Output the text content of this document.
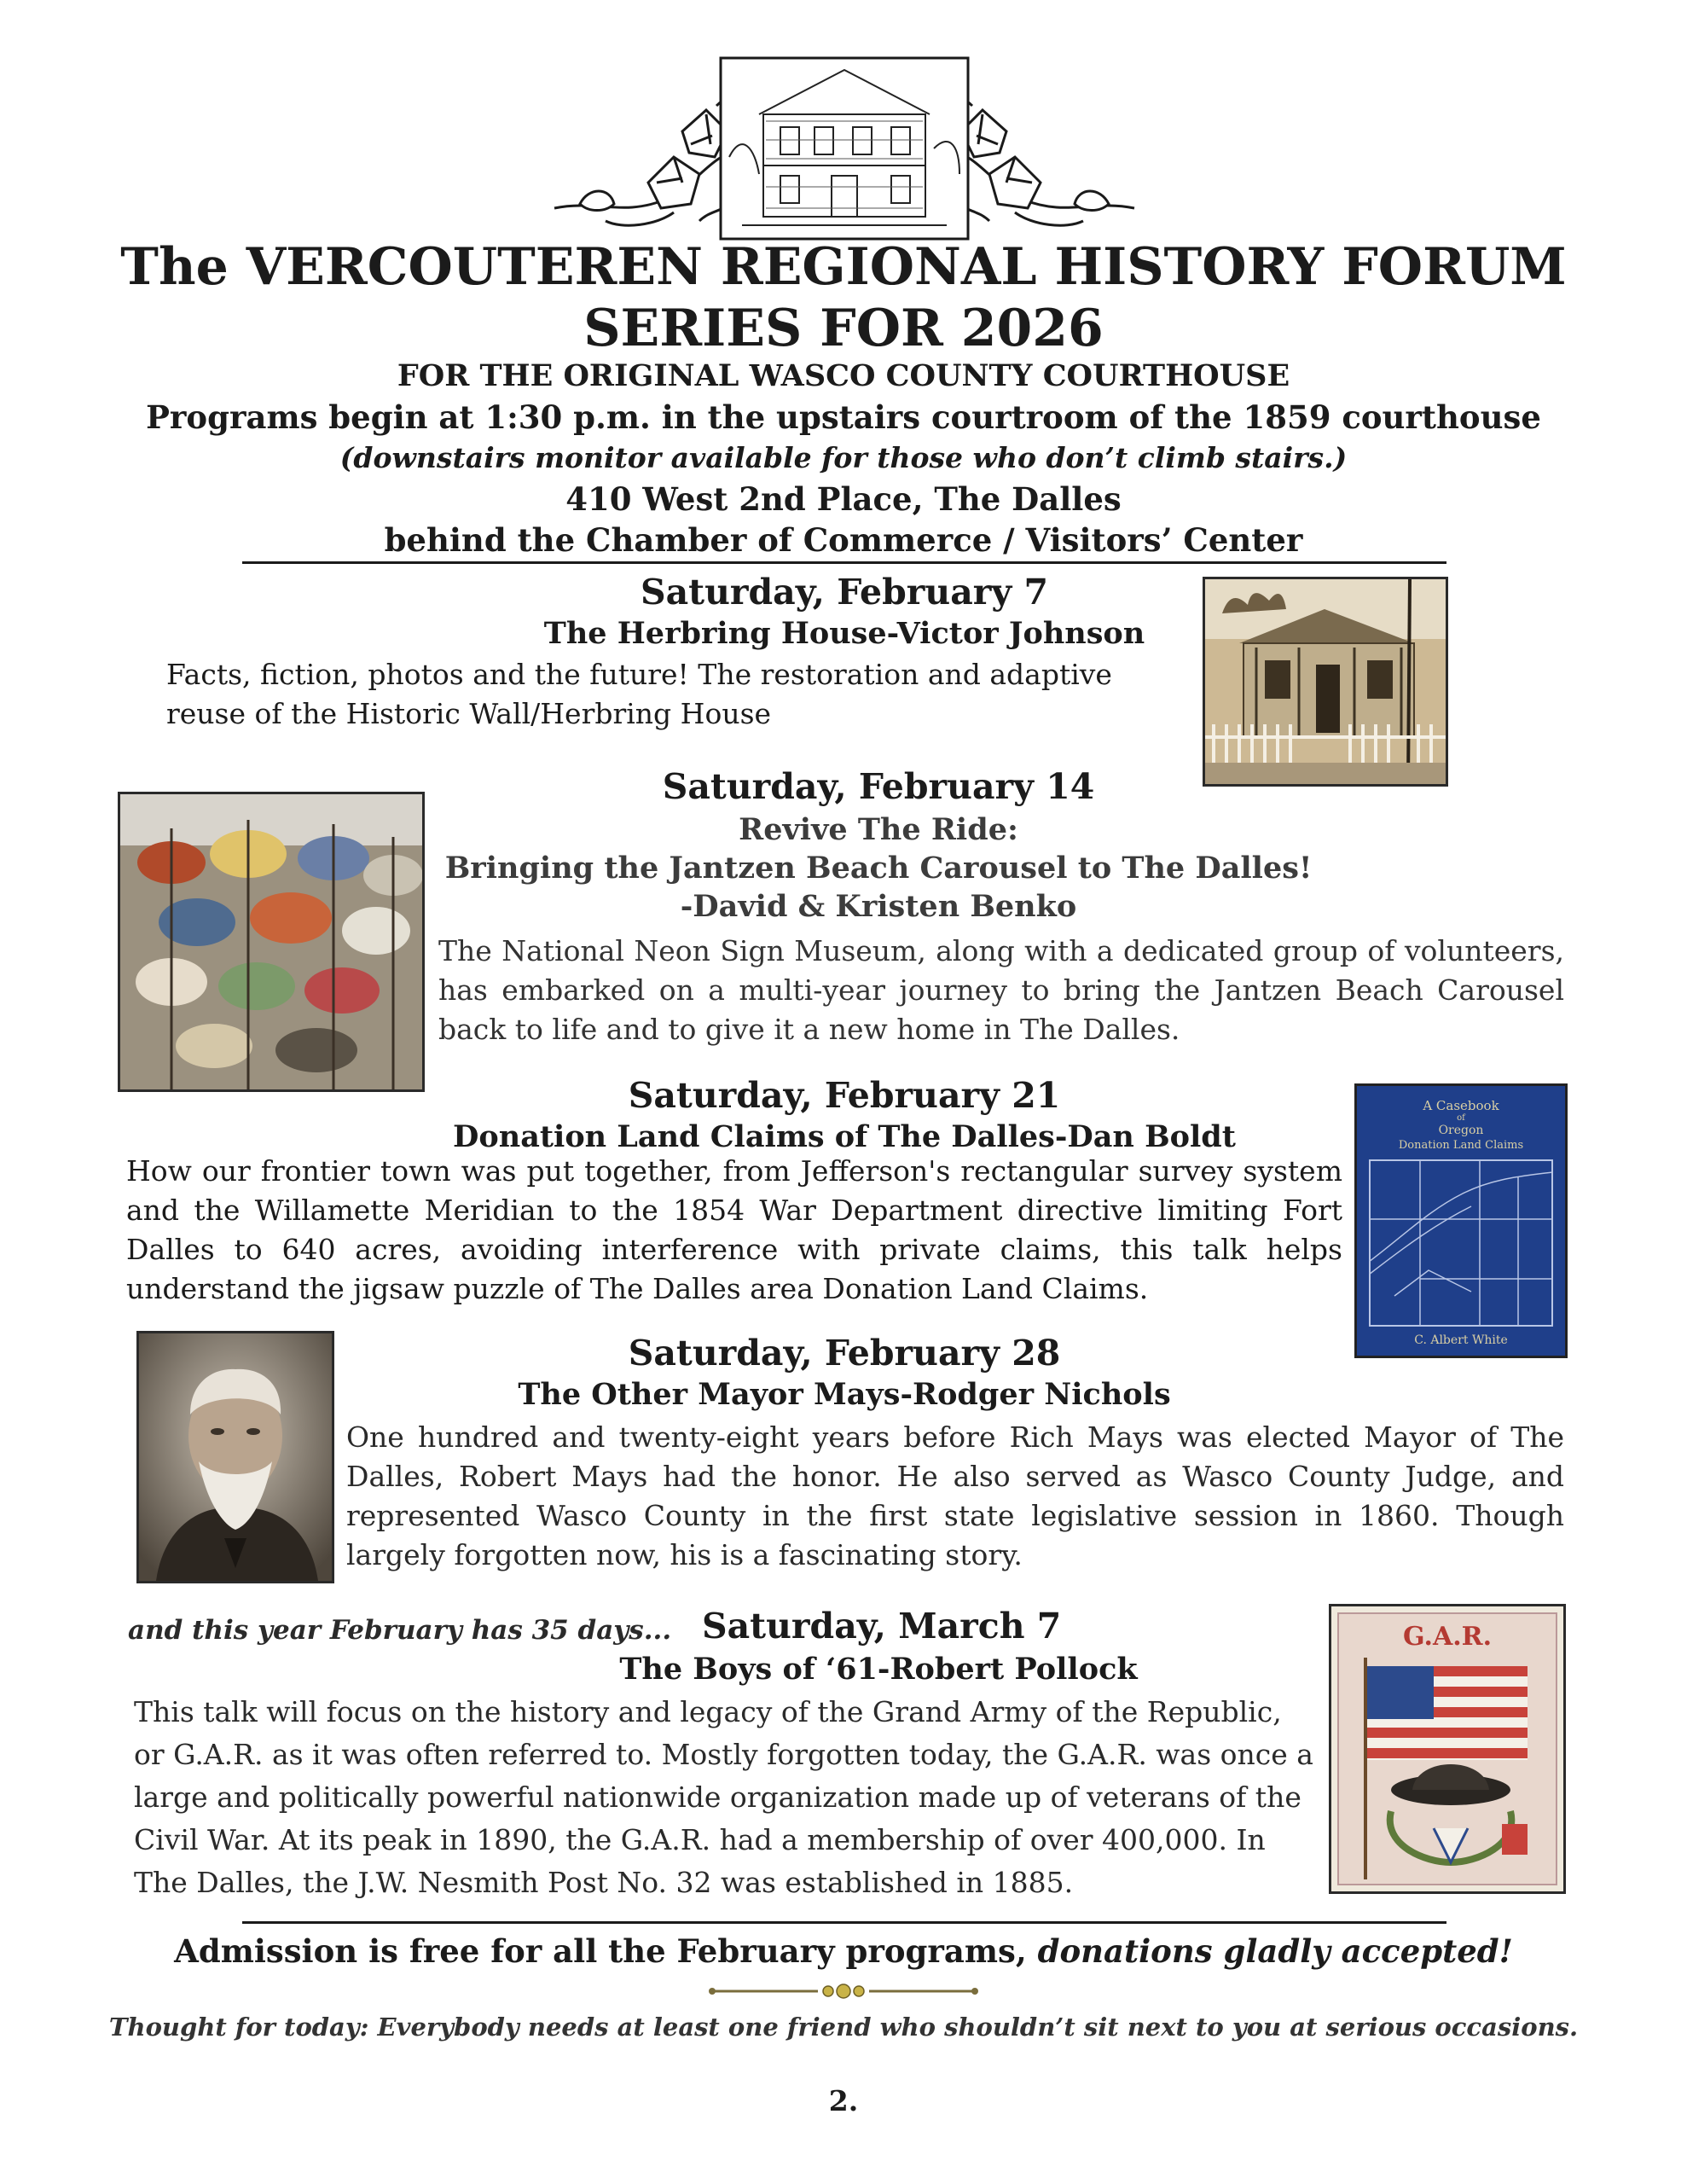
The VERCOUTEREN REGIONAL HISTORY FORUM
SERIES FOR 2026
FOR THE ORIGINAL WASCO COUNTY COURTHOUSE
Programs begin at 1:30 p.m. in the upstairs courtroom of the 1859 courthouse
(downstairs monitor available for those who don’t climb stairs.)
410 West 2nd Place, The Dalles
behind the Chamber of Commerce / Visitors’ Center
Saturday, February 7
The Herbring House-Victor Johnson
Facts, fiction, photos and the future! The restoration and adaptive reuse of the Historic Wall/Herbring House
Saturday, February 14
Revive The Ride:
Bringing the Jantzen Beach Carousel to The Dalles!
-David & Kristen Benko
The National Neon Sign Museum, along with a dedicated group of volunteers, has embarked on a multi-year journey to bring the Jantzen Beach Carousel back to life and to give it a new home in The Dalles.
Saturday, February 21
Donation Land Claims of The Dalles-Dan Boldt
How our frontier town was put together, from Jefferson's rectangular survey system and the Willamette Meridian to the 1854 War Department directive limiting Fort Dalles to 640 acres, avoiding interference with private claims, this talk helps understand the jigsaw puzzle of The Dalles area Donation Land Claims.
A Casebook
of
Oregon
Donation Land Claims
C. Albert White
Saturday, February 28
The Other Mayor Mays-Rodger Nichols
One hundred and twenty-eight years before Rich Mays was elected Mayor of The Dalles, Robert Mays had the honor. He also served as Wasco County Judge, and represented Wasco County in the first state legislative session in 1860. Though largely forgotten now, his is a fascinating story.
and this year February has 35 days... Saturday, March 7
The Boys of ‘61-Robert Pollock
This talk will focus on the history and legacy of the Grand Army of the Republic, or G.A.R. as it was often referred to. Mostly forgotten today, the G.A.R. was once a large and politically powerful nationwide organization made up of veterans of the Civil War. At its peak in 1890, the G.A.R. had a membership of over 400,000. In The Dalles, the J.W. Nesmith Post No. 32 was established in 1885.
G.A.R.
Admission is free for all the February programs, donations gladly accepted!
Thought for today: Everybody needs at least one friend who shouldn’t sit next to you at serious occasions.
2.
